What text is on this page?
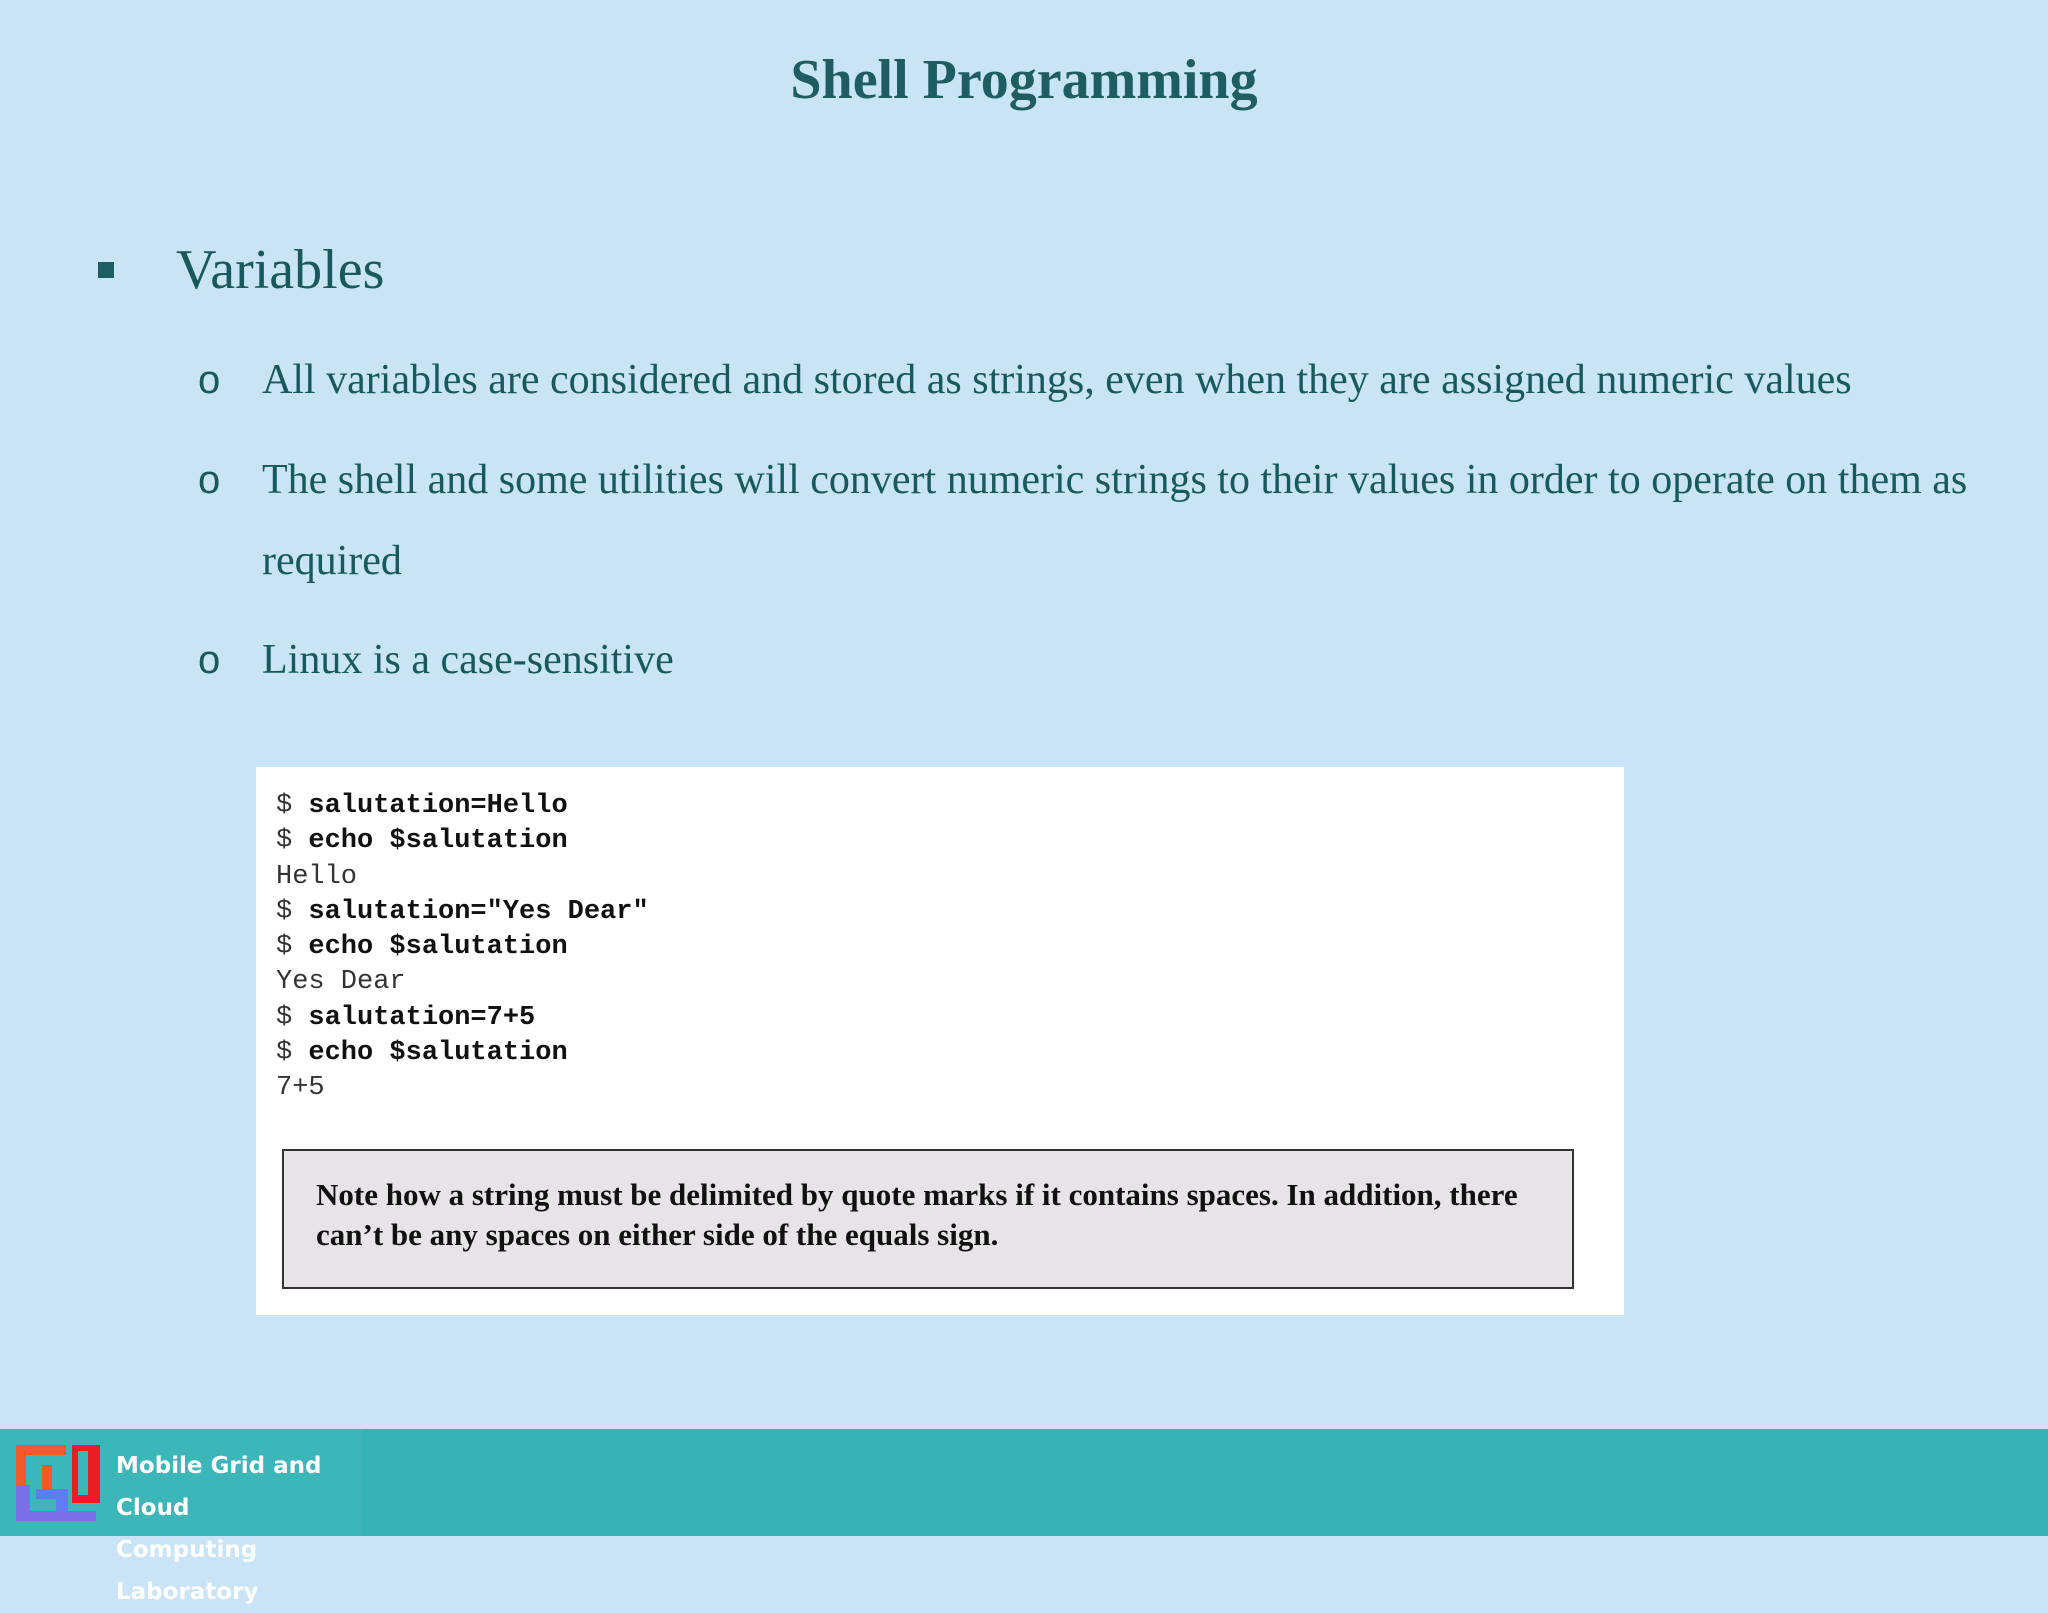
Shell Programming
Variables
o All variables are considered and stored as strings, even when they are assigned numeric values
o The shell and some utilities will convert numeric strings to their values in order to operate on them as required
o Linux is a case-sensitive
$ salutation=Hello
$ echo $salutation
Hello
$ salutation="Yes Dear"
$ echo $salutation
Yes Dear
$ salutation=7+5
$ echo $salutation
7+5
Note how a string must be delimited by quote marks if it contains spaces. In addition, there can’t be any spaces on either side of the equals sign.
Mobile Grid and Cloud
Computing Laboratory
